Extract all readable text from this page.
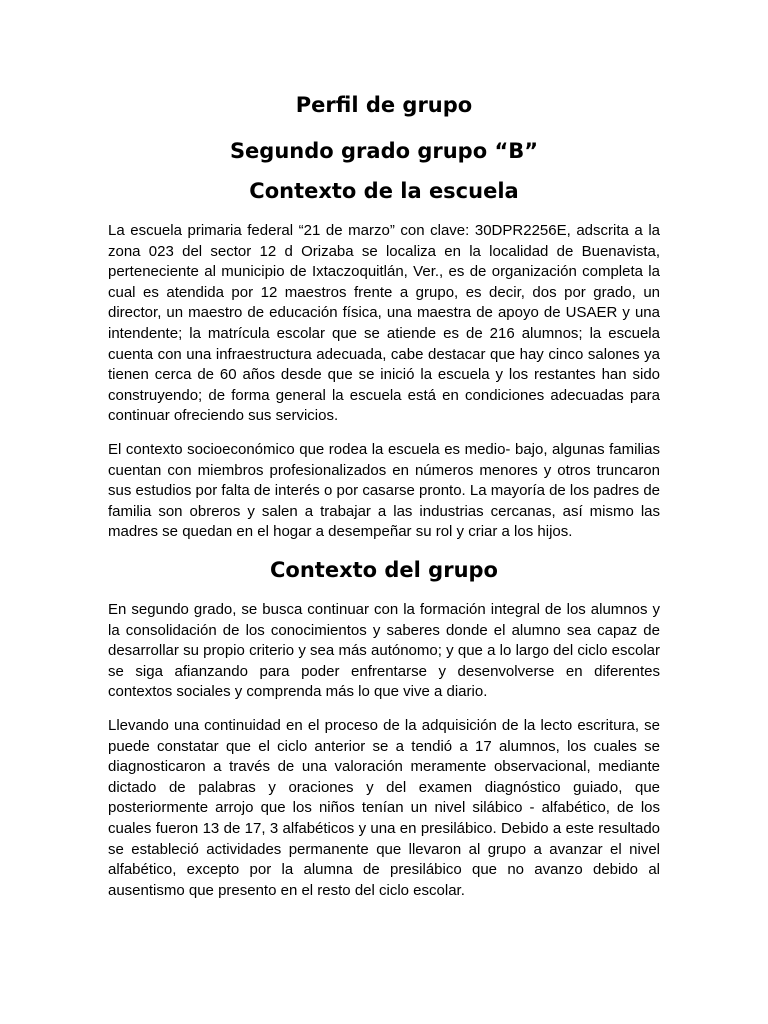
Perfil de grupo
Segundo grado grupo “B”
Contexto de la escuela

La escuela primaria federal “21 de marzo” con clave: 30DPR2256E, adscrita a la zona 023 del sector 12 d Orizaba se localiza en la localidad de Buenavista, perteneciente al municipio de Ixtaczoquitlán, Ver., es de organización completa la cual es atendida por 12 maestros frente a grupo, es decir, dos por grado, un director, un maestro de educación física, una maestra de apoyo de USAER y una intendente; la matrícula escolar que se atiende es de 216 alumnos; la escuela cuenta con una infraestructura adecuada, cabe destacar que hay cinco salones ya tienen cerca de 60 años desde que se inició la escuela y los restantes han sido construyendo; de forma general la escuela está en condiciones adecuadas para continuar ofreciendo sus servicios.

El contexto socioeconómico que rodea la escuela es medio- bajo, algunas familias cuentan con miembros profesionalizados en números menores y otros truncaron sus estudios por falta de interés o por casarse pronto. La mayoría de los padres de familia son obreros y salen a trabajar a las industrias cercanas, así mismo las madres se quedan en el hogar a desempeñar su rol y criar a los hijos.

Contexto del grupo

En segundo grado, se busca continuar con la formación integral de los alumnos y la consolidación de los conocimientos y saberes donde el alumno sea capaz de desarrollar su propio criterio y sea más autónomo; y que a lo largo del ciclo escolar se siga afianzando para poder enfrentarse y desenvolverse en diferentes contextos sociales y comprenda más lo que vive a diario.

Llevando una continuidad en el proceso de la adquisición de la lecto escritura, se puede constatar que el ciclo anterior se a tendió a 17 alumnos, los cuales se diagnosticaron a través de una valoración meramente observacional, mediante dictado de palabras y oraciones y del examen diagnóstico guiado, que posteriormente arrojo que los niños tenían un nivel silábico - alfabético, de los cuales fueron 13 de 17, 3 alfabéticos y una en presilábico. Debido a este resultado se estableció actividades permanente que llevaron al grupo a avanzar el nivel alfabético, excepto por la alumna de presilábico que no avanzo debido al ausentismo que presento en el resto del ciclo escolar.
